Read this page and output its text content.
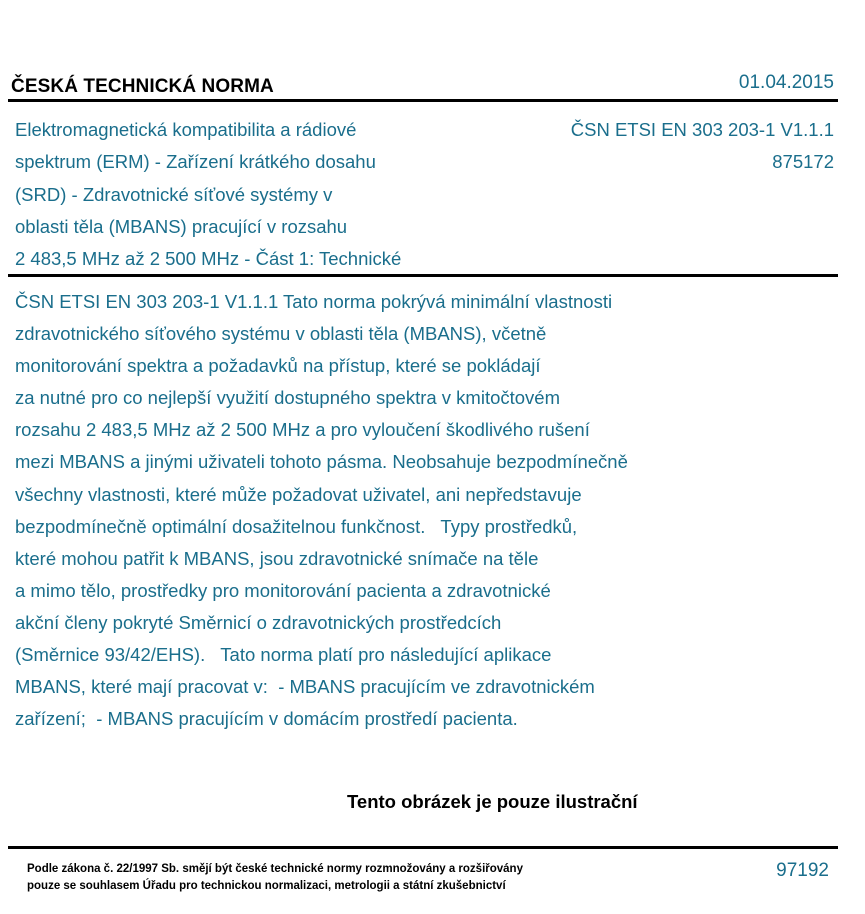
ČESKÁ TECHNICKÁ NORMA	01.04.2015
Elektromagnetická kompatibilita a rádiové
spektrum (ERM) - Zařízení krátkého dosahu
(SRD) - Zdravotnické síťové systémy v
oblasti těla (MBANS) pracující v rozsahu
2 483,5 MHz až 2 500 MHz - Část 1: Technické
ČSN ETSI EN 303 203-1 V1.1.1
875172
ČSN ETSI EN 303 203-1 V1.1.1 Tato norma pokrývá minimální vlastnosti
zdravotnického síťového systému v oblasti těla (MBANS), včetně
monitorování spektra a požadavků na přístup, které se pokládají
za nutné pro co nejlepší využití dostupného spektra v kmitočtovém
rozsahu 2 483,5 MHz až 2 500 MHz a pro vyloučení škodlivého rušení
mezi MBANS a jinými uživateli tohoto pásma. Neobsahuje bezpodmínečně
všechny vlastnosti, které může požadovat uživatel, ani nepředstavuje
bezpodmínečně optimální dosažitelnou funkčnost.   Typy prostředků,
které mohou patřit k MBANS, jsou zdravotnické snímače na těle
a mimo tělo, prostředky pro monitorování pacienta a zdravotnické
akční členy pokryté Směrnicí o zdravotnických prostředcích
(Směrnice 93/42/EHS).   Tato norma platí pro následující aplikace
MBANS, které mají pracovat v:  - MBANS pracujícím ve zdravotnickém
zařízení;  - MBANS pracujícím v domácím prostředí pacienta.
Tento obrázek je pouze ilustrační
Podle zákona č. 22/1997 Sb. smějí být české technické normy rozmnožovány a rozšiřovány
pouze se souhlasem Úřadu pro technickou normalizaci, metrologii a státní zkušebnictví
97192
